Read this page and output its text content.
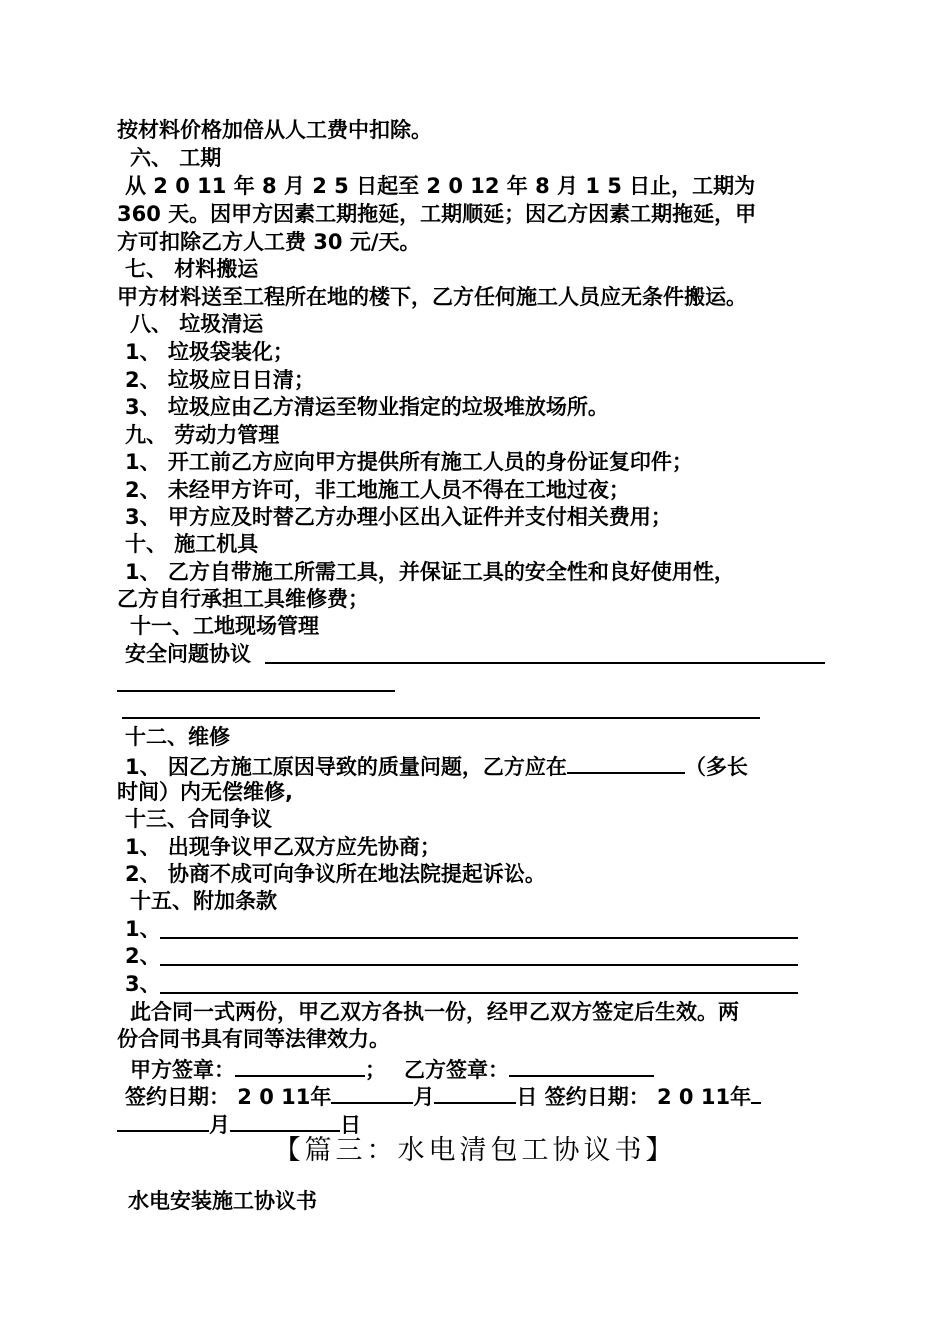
按材料价格加倍从人工费中扣除。
六、 工期
从 2 0 11 年 8 月 2 5 日起至 2 0 12 年 8 月 1 5 日止，工期为
360 天。因甲方因素工期拖延，工期顺延；因乙方因素工期拖延，甲
方可扣除乙方人工费 30 元/天。
七、 材料搬运
甲方材料送至工程所在地的楼下，乙方任何施工人员应无条件搬运。
八、 垃圾清运
1、 垃圾袋装化；
2、 垃圾应日日清；
3、 垃圾应由乙方清运至物业指定的垃圾堆放场所。
九、 劳动力管理
1、 开工前乙方应向甲方提供所有施工人员的身份证复印件；
2、 未经甲方许可，非工地施工人员不得在工地过夜；
3、 甲方应及时替乙方办理小区出入证件并支付相关费用；
十、 施工机具
1、 乙方自带施工所需工具，并保证工具的安全性和良好使用性，
乙方自行承担工具维修费；
十一、工地现场管理
安全问题协议
十二、维修
1、 因乙方施工原因导致的质量问题，乙方应在	（多长
时间）内无偿维修,
十三、合同争议
1、 出现争议甲乙双方应先协商；
2、 协商不成可向争议所在地法院提起诉讼。
十五、附加条款
1、
2、
3、
此合同一式两份，甲乙双方各执一份，经甲乙双方签定后生效。两
份合同书具有同等法律效力。
甲方签章：	； 乙方签章：
签约日期： 2 0 11年	月	日 签约日期： 2 0 11年
月	日
【篇三：水电清包工协议书】
水电安装施工协议书
